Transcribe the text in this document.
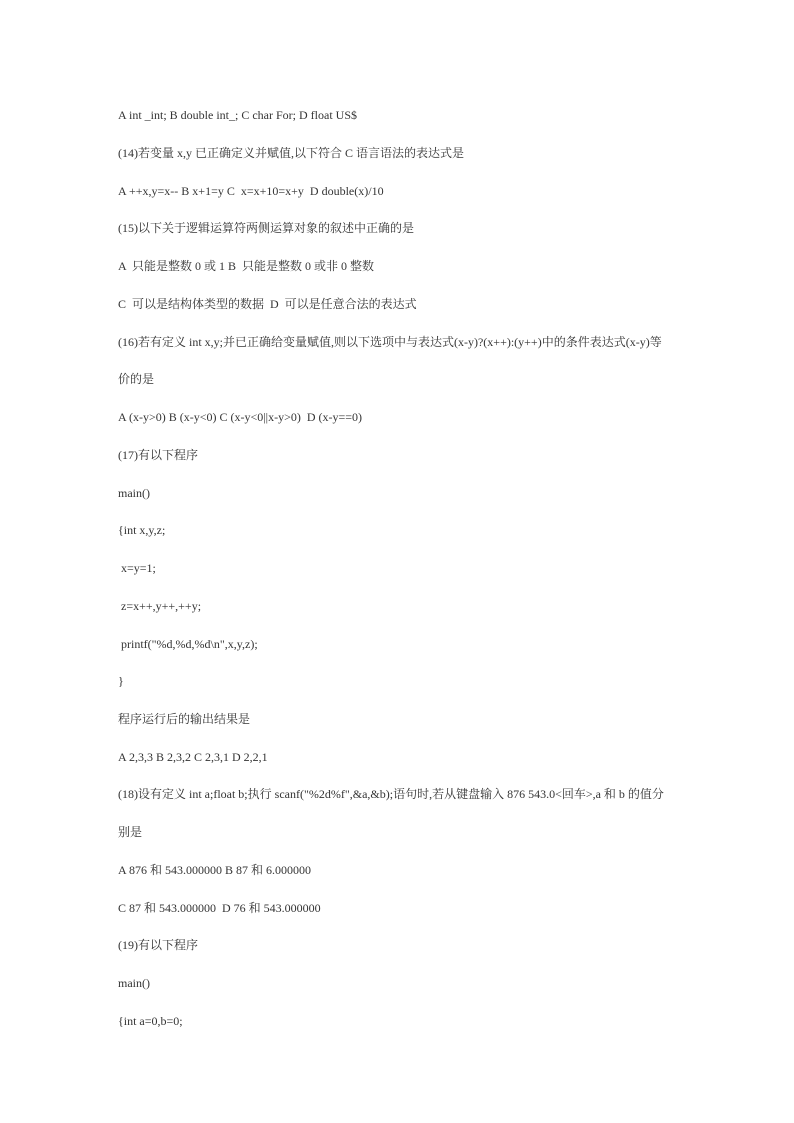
A int _int; B double int_; C char For; D float US$
(14)若变量 x,y 已正确定义并赋值,以下符合 C 语言语法的表达式是
A ++x,y=x-- B x+1=y C  x=x+10=x+y  D double(x)/10
(15)以下关于逻辑运算符两侧运算对象的叙述中正确的是
A  只能是整数 0 或 1 B  只能是整数 0 或非 0 整数
C  可以是结构体类型的数据  D  可以是任意合法的表达式
(16)若有定义 int x,y;并已正确给变量赋值,则以下选项中与表达式(x-y)?(x++):(y++)中的条件表达式(x-y)等
价的是
A (x-y>0) B (x-y<0) C (x-y<0||x-y>0)  D (x-y==0)
(17)有以下程序
main()
{int x,y,z;
x=y=1;
z=x++,y++,++y;
printf("%d,%d,%d\n",x,y,z);
}
程序运行后的输出结果是
A 2,3,3 B 2,3,2 C 2,3,1 D 2,2,1
(18)设有定义 int a;float b;执行 scanf("%2d%f",&a,&b);语句时,若从键盘输入 876 543.0<回车>,a 和 b 的值分
别是
A 876 和 543.000000 B 87 和 6.000000
C 87 和 543.000000  D 76 和 543.000000
(19)有以下程序
main()
{int a=0,b=0;
